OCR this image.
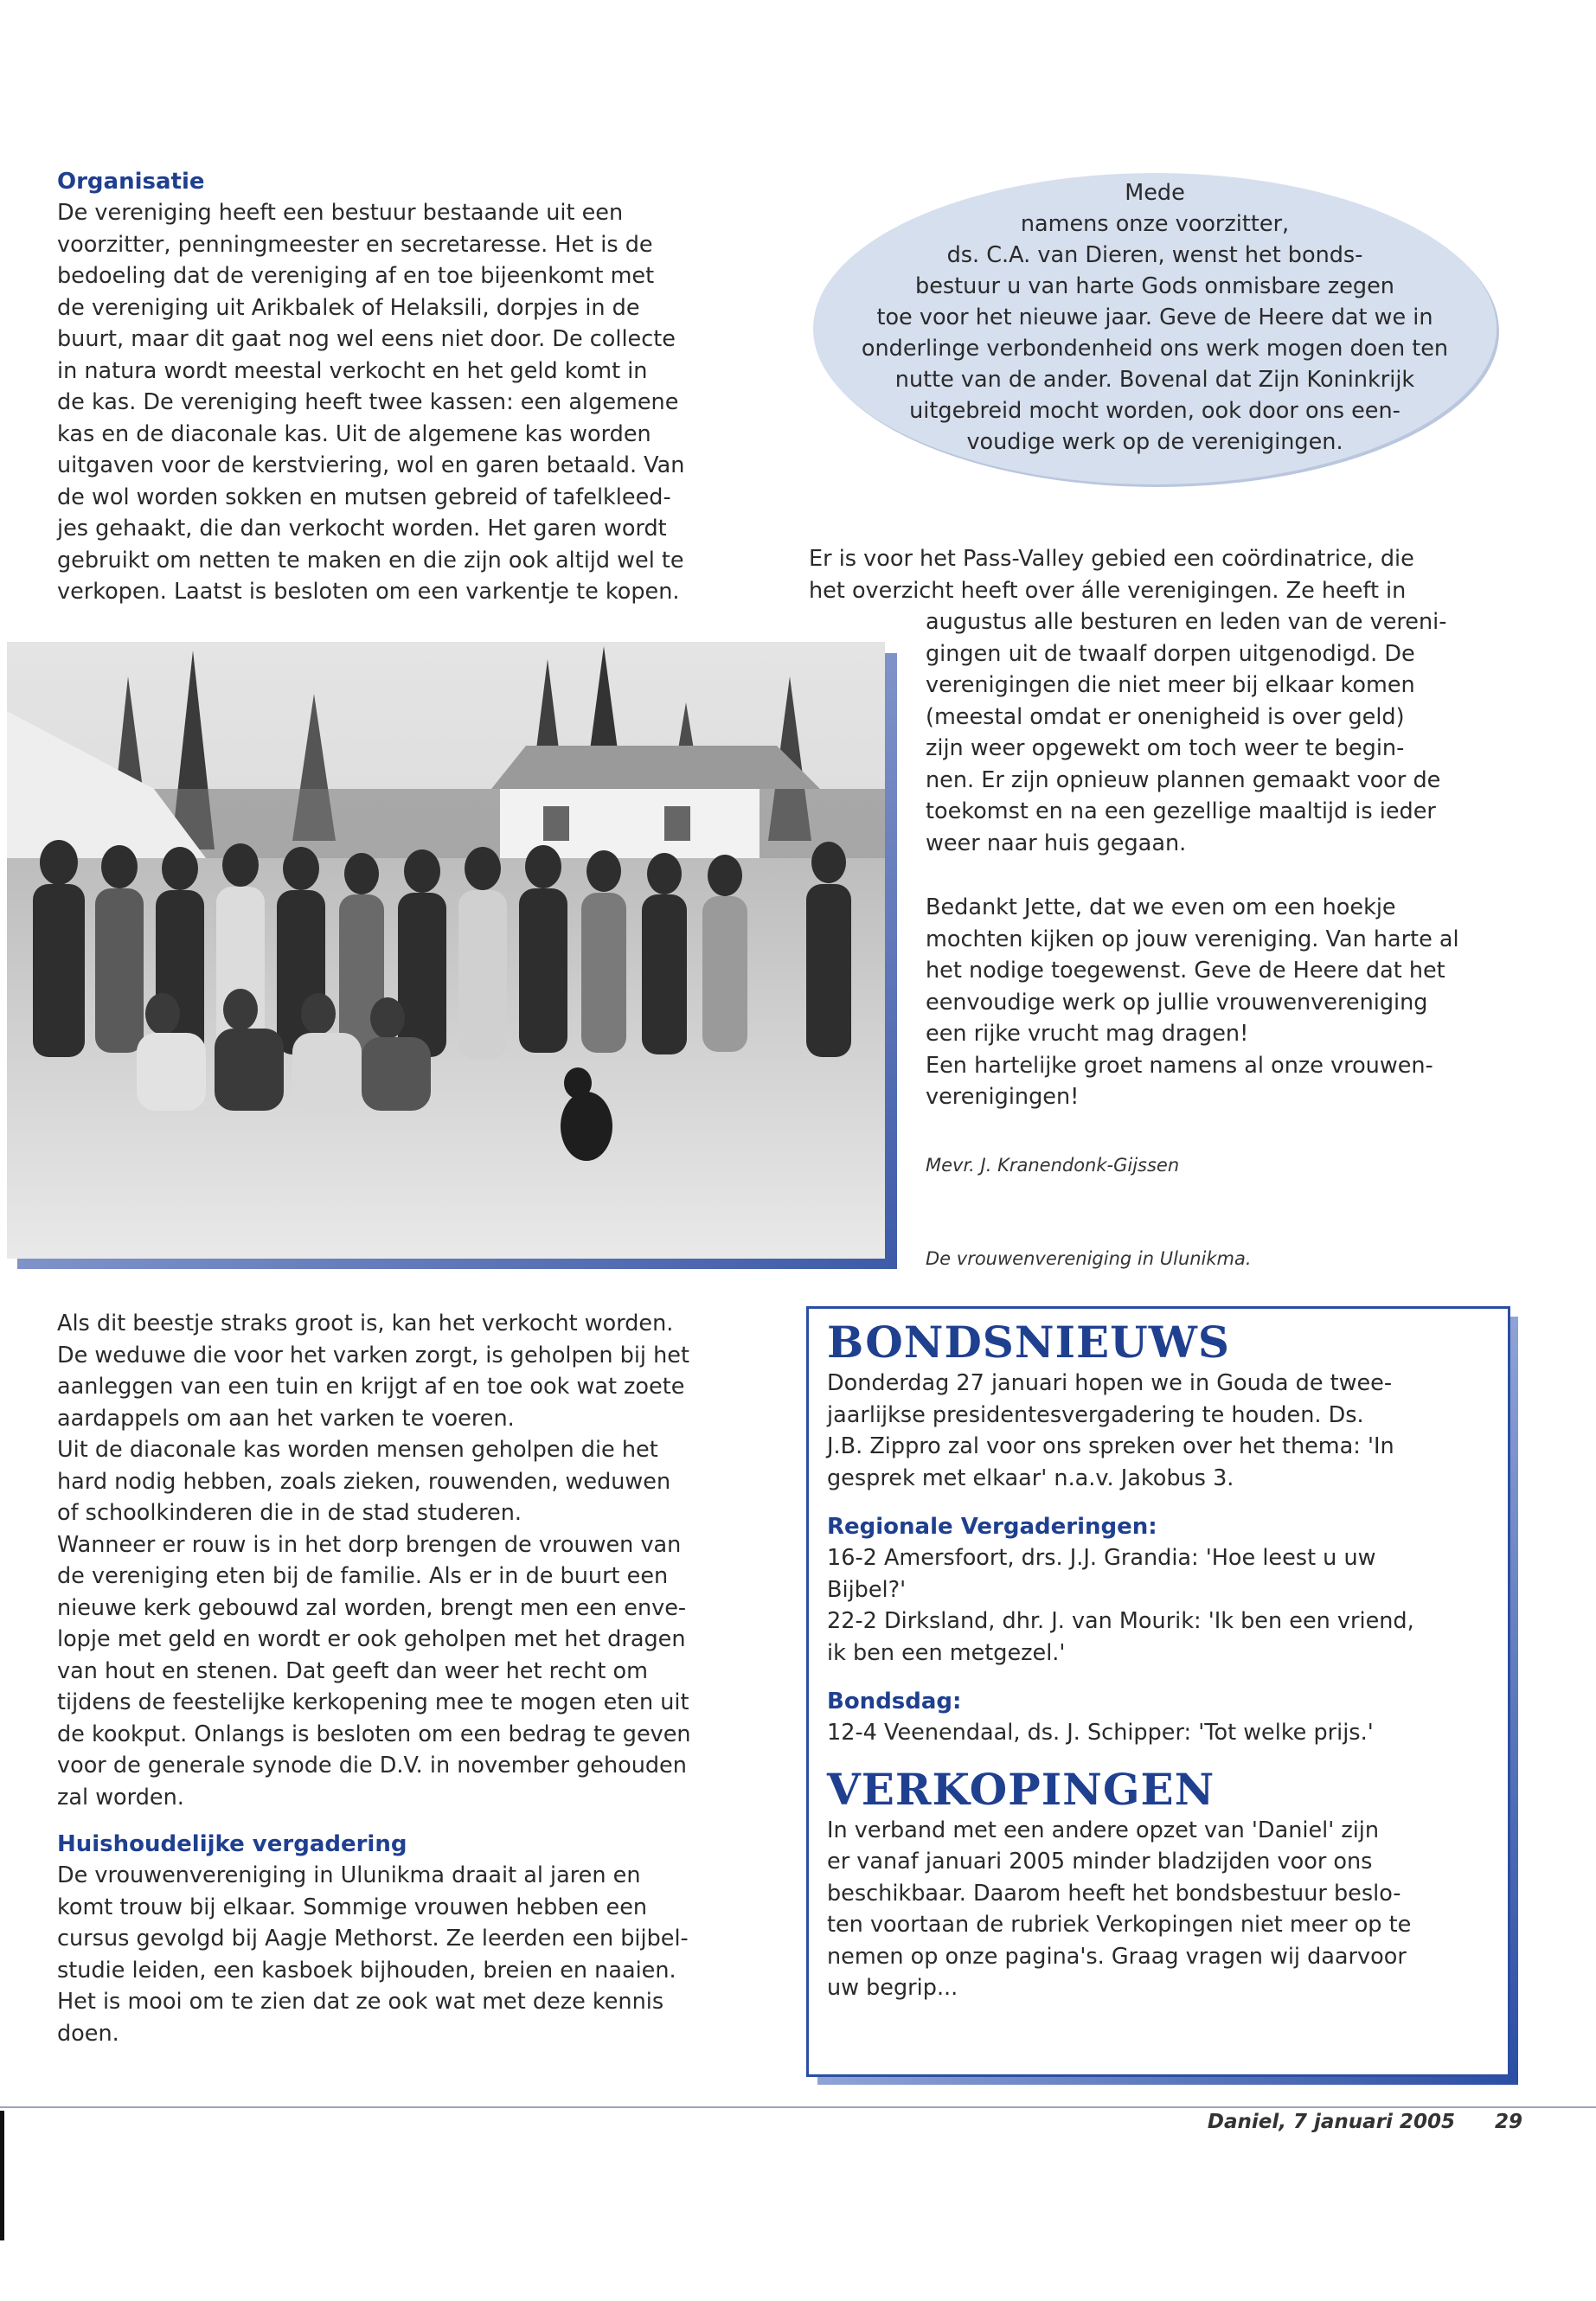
Organisatie

De vereniging heeft een bestuur bestaande uit een

voorzitter, penningmeester en secretaresse. Het is de

bedoeling dat de vereniging af en toe bijeenkomt met

de vereniging uit Arikbalek of Helaksili, dorpjes in de

buurt, maar dit gaat nog wel eens niet door. De collecte

in natura wordt meestal verkocht en het geld komt in

de kas. De vereniging heeft twee kassen: een algemene

kas en de diaconale kas. Uit de algemene kas worden

uitgaven voor de kerstviering, wol en garen betaald. Van

de wol worden sokken en mutsen gebreid of tafelkleed-

jes gehaakt, die dan verkocht worden. Het garen wordt

gebruikt om netten te maken en die zijn ook altijd wel te

verkopen. Laatst is besloten om een varkentje te kopen.

Mede
namens onze voorzitter,
ds. C.A. van Dieren, wenst het bonds-
bestuur u van harte Gods onmisbare zegen
toe voor het nieuwe jaar. Geve de Heere dat we in
onderlinge verbondenheid ons werk mogen doen ten
nutte van de ander. Bovenal dat Zijn Koninkrijk
uitgebreid mocht worden, ook door ons een-
voudige werk op de verenigingen.

Er is voor het Pass-Valley gebied een coördinatrice, die

het overzicht heeft over álle verenigingen. Ze heeft in

augustus alle besturen en leden van de vereni-

gingen uit de twaalf dorpen uitgenodigd. De

verenigingen die niet meer bij elkaar komen

(meestal omdat er onenigheid is over geld)

zijn weer opgewekt om toch weer te begin-

nen. Er zijn opnieuw plannen gemaakt voor de

toekomst en na een gezellige maaltijd is ieder

weer naar huis gegaan.

Bedankt Jette, dat we even om een hoekje

mochten kijken op jouw vereniging. Van harte al

het nodige toegewenst. Geve de Heere dat het

eenvoudige werk op jullie vrouwenvereniging

een rijke vrucht mag dragen!

Een hartelijke groet namens al onze vrouwen-

verenigingen!

Mevr. J. Kranendonk-Gijssen
De vrouwenvereniging in Ulunikma.

Als dit beestje straks groot is, kan het verkocht worden.

De weduwe die voor het varken zorgt, is geholpen bij het

aanleggen van een tuin en krijgt af en toe ook wat zoete

aardappels om aan het varken te voeren.

Uit de diaconale kas worden mensen geholpen die het

hard nodig hebben, zoals zieken, rouwenden, weduwen

of schoolkinderen die in de stad studeren.

Wanneer er rouw is in het dorp brengen de vrouwen van

de vereniging eten bij de familie. Als er in de buurt een

nieuwe kerk gebouwd zal worden, brengt men een enve-

lopje met geld en wordt er ook geholpen met het dragen

van hout en stenen. Dat geeft dan weer het recht om

tijdens de feestelijke kerkopening mee te mogen eten uit

de kookput. Onlangs is besloten om een bedrag te geven

voor de generale synode die D.V. in november gehouden

zal worden.

Huishoudelijke vergadering

De vrouwenvereniging in Ulunikma draait al jaren en

komt trouw bij elkaar. Sommige vrouwen hebben een

cursus gevolgd bij Aagje Methorst. Ze leerden een bijbel-

studie leiden, een kasboek bijhouden, breien en naaien.

Het is mooi om te zien dat ze ook wat met deze kennis

doen.

BONDSNIEUWS

Donderdag 27 januari hopen we in Gouda de twee-

jaarlijkse presidentesvergadering te houden. Ds.

J.B. Zippro zal voor ons spreken over het thema: 'In

gesprek met elkaar' n.a.v. Jakobus 3.

Regionale Vergaderingen:

16-2 Amersfoort, drs. J.J. Grandia: 'Hoe leest u uw

Bijbel?'

22-2 Dirksland, dhr. J. van Mourik: 'Ik ben een vriend,

ik ben een metgezel.'

Bondsdag:

12-4 Veenendaal, ds. J. Schipper: 'Tot welke prijs.'

VERKOPINGEN

In verband met een andere opzet van 'Daniel' zijn

er vanaf januari 2005 minder bladzijden voor ons

beschikbaar. Daarom heeft het bondsbestuur beslo-

ten voortaan de rubriek Verkopingen niet meer op te

nemen op onze pagina's. Graag vragen wij daarvoor

uw begrip...

Daniel, 7 januari 2005 29
